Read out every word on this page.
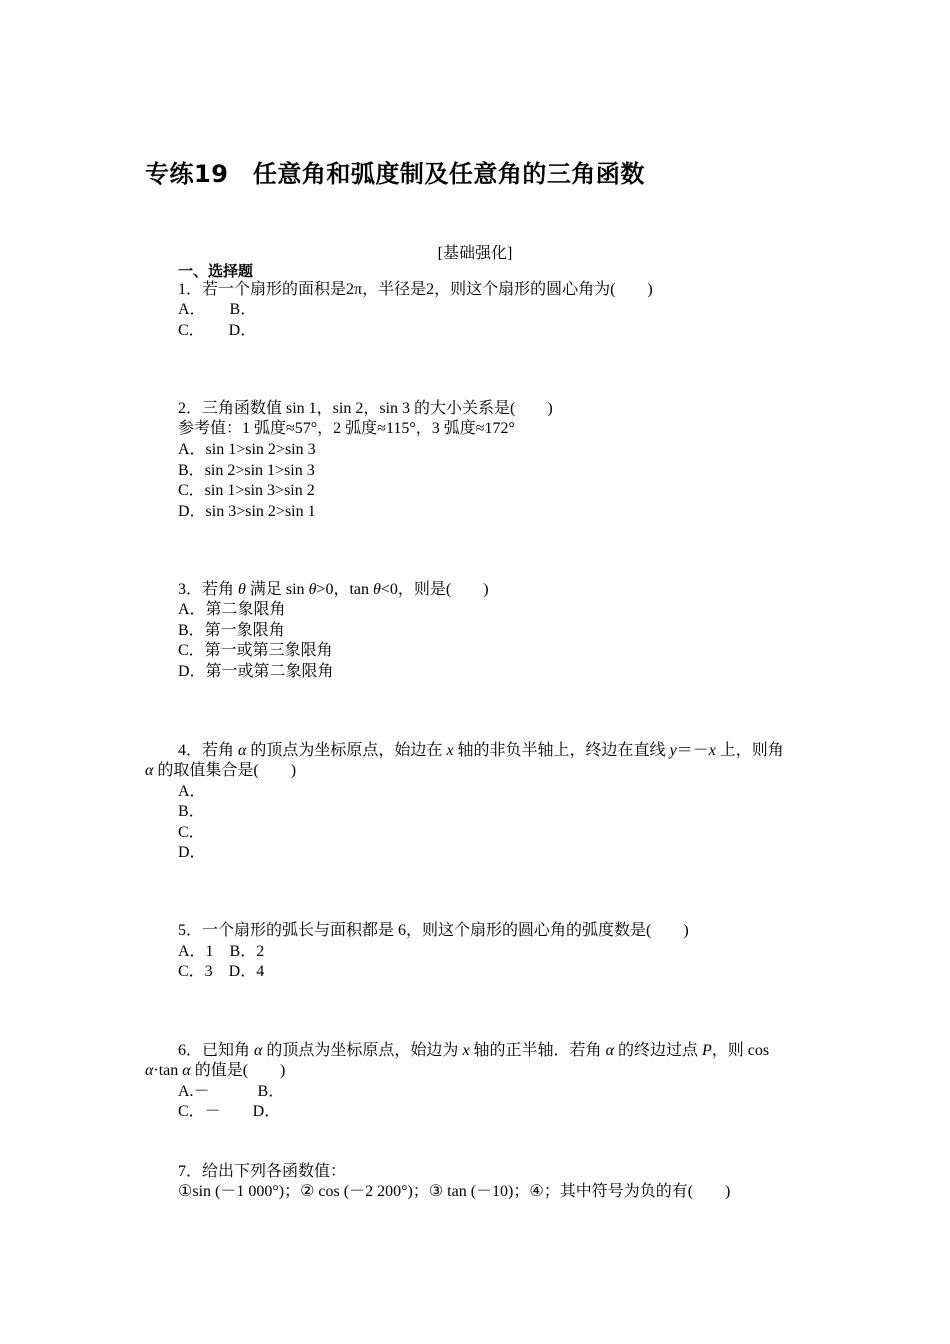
专练19　任意角和弧度制及任意角的三角函数
[基础强化]
一、选择题
1．若一个扇形的面积是2π，半径是2，则这个扇形的圆心角为(　　)
A．　　B．
C．　　D．
2．三角函数值 sin 1，sin 2，sin 3 的大小关系是(　　)
参考值：1 弧度≈57°，2 弧度≈115°，3 弧度≈172°
A．sin 1>sin 2>sin 3
B．sin 2>sin 1>sin 3
C．sin 1>sin 3>sin 2
D．sin 3>sin 2>sin 1
3．若角 θ 满足 sin θ>0，tan θ<0，则是(　　)
A．第二象限角
B．第一象限角
C．第一或第三象限角
D．第一或第二象限角
4．若角 α 的顶点为坐标原点，始边在 x 轴的非负半轴上，终边在直线 y＝－x 上，则角
α 的取值集合是(　　)
A．
B．
C．
D．
5．一个扇形的弧长与面积都是 6，则这个扇形的圆心角的弧度数是(　　)
A．1　B．2
C．3　D．4
6．已知角 α 的顶点为坐标原点，始边为 x 轴的正半轴．若角 α 的终边过点 P，则 cos
α·tan α 的值是(　　)
A.－　　　B．
C．－　　D．
7．给出下列各函数值：
①sin (－1 000°)；② cos (－2 200°)；③ tan (－10)；④；其中符号为负的有(　　)
